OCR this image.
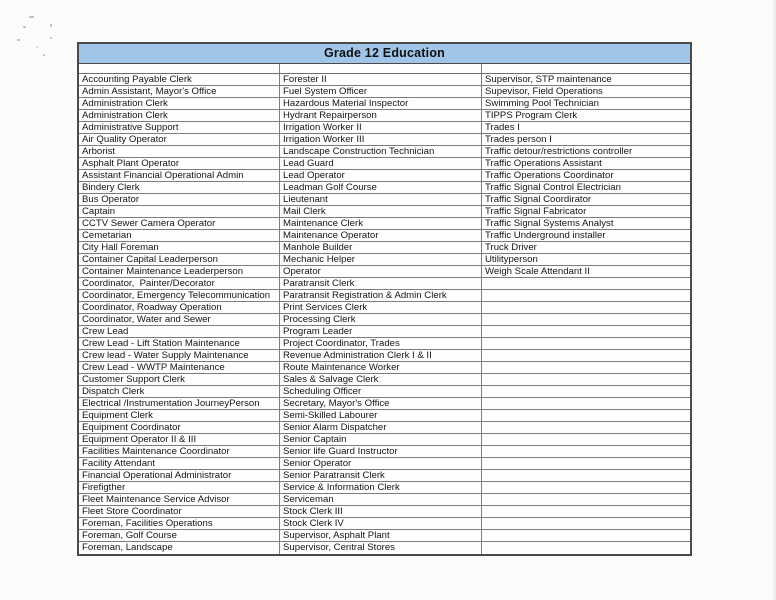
Grade 12 Education
Accounting Payable Clerk	Forester II	Supervisor, STP maintenance
Admin Assistant, Mayor's Office	Fuel System Officer	Supevisor, Field Operations
Administration Clerk	Hazardous Material Inspector	Swimming Pool Technician
Administration Clerk	Hydrant Repairperson	TIPPS Program Clerk
Administrative Support	Irrigation Worker II	Trades I
Air Quality Operator	Irrigation Worker III	Trades person I
Arborist	Landscape Construction Technician	Traffic detour/restrictions controller
Asphalt Plant Operator	Lead Guard	Traffic Operations Assistant
Assistant Financial Operational Admin	Lead Operator	Traffic Operations Coordinator
Bindery Clerk	Leadman Golf Course	Traffic Signal Control Electrician
Bus Operator	Lieutenant	Traffic Signal Coordirator
Captain	Mail Clerk	Traffic Signal Fabricator
CCTV Sewer Camera Operator	Maintenance Clerk	Traffic Signal Systems Analyst
Cemetarian	Maintenance Operator	Traffic Underground installer
City Hall Foreman	Manhole Builder	Truck Driver
Container Capital Leaderperson	Mechanic Helper	Utilityperson
Container Maintenance Leaderperson	Operator	Weigh Scale Attendant II
Coordinator,  Painter/Decorator	Paratransit Clerk
Coordinator, Emergency Telecommunication	Paratransit Registration & Admin Clerk
Coordinator, Roadway Operation	Print Services Clerk
Coordinator, Water and Sewer	Processing Clerk
Crew Lead	Program Leader
Crew Lead - Lift Station Maintenance	Project Coordinator, Trades
Crew lead - Water Supply Maintenance	Revenue Administration Clerk I & II
Crew Lead - WWTP Maintenance	Route Maintenance Worker
Customer Support Clerk	Sales & Salvage Clerk
Dispatch Clerk	Scheduling Officer
Electrical /Instrumentation JourneyPerson	Secretary, Mayor's Office
Equipment Clerk	Semi-Skilled Labourer
Equipment Coordinator	Senior Alarm Dispatcher
Equipment Operator II & III	Senior Captain
Facilities Maintenance Coordinator	Senior life Guard Instructor
Facility Attendant	Senior Operator
Financial Operational Administrator	Senior Paratransit Clerk
Firefigther	Service & Information Clerk
Fleet Maintenance Service Advisor	Serviceman
Fleet Store Coordinator	Stock Clerk III
Foreman, Facilities Operations	Stock Clerk IV
Foreman, Golf Course	Supervisor, Asphalt Plant
Foreman, Landscape	Supervisor, Central Stores
